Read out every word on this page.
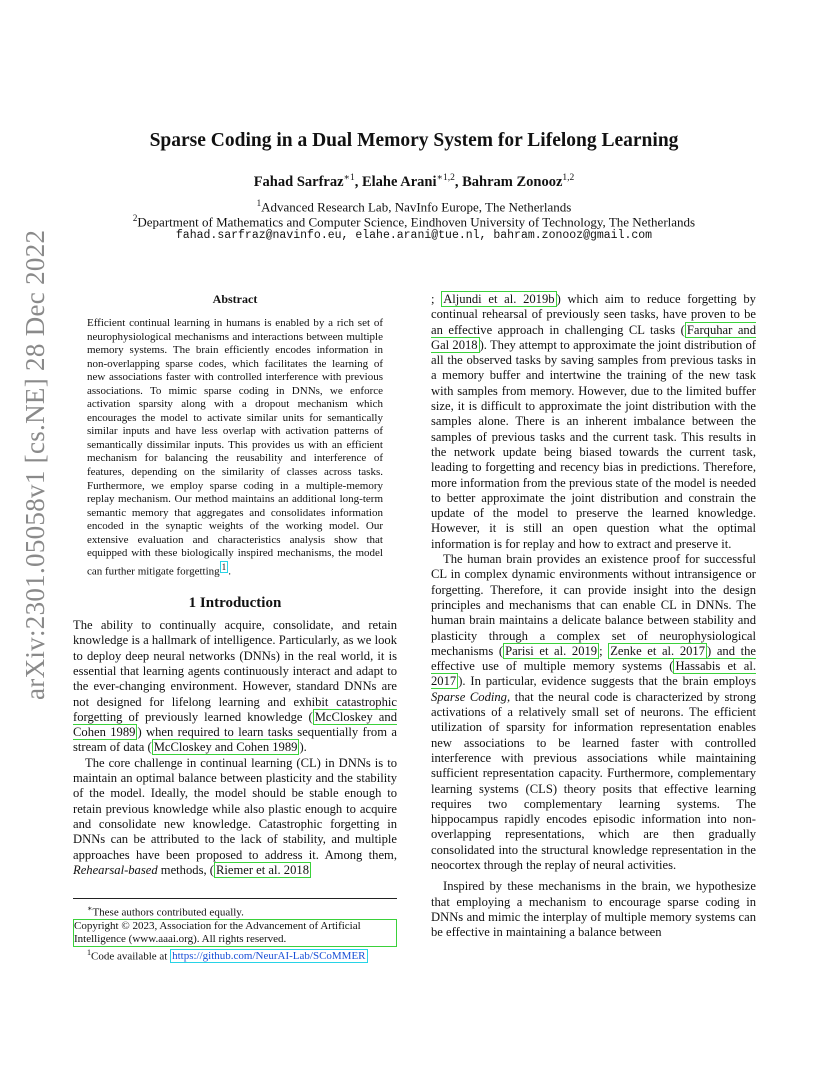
arXiv:2301.05058v1 [cs.NE] 28 Dec 2022
Sparse Coding in a Dual Memory System for Lifelong Learning
Fahad Sarfraz$^{∗1}$, Elahe Arani$^{∗1,2}$, Bahram Zonooz$^{1,2}$
$^1$Advanced Research Lab, NavInfo Europe, The Netherlands
$^2$Department of Mathematics and Computer Science, Eindhoven University of Technology, The Netherlands
fahad.sarfraz@navinfo.eu, elahe.arani@tue.nl, bahram.zonooz@gmail.com
Abstract
Efficient continual learning in humans is enabled by a rich set of neurophysiological mechanisms and interactions between multiple memory systems. The brain efficiently encodes information in non-overlapping sparse codes, which facilitates the learning of new associations faster with controlled interference with previous associations. To mimic sparse coding in DNNs, we enforce activation sparsity along with a dropout mechanism which encourages the model to activate similar units for semantically similar inputs and have less overlap with activation patterns of semantically dissimilar inputs. This provides us with an efficient mechanism for balancing the reusability and interference of features, depending on the similarity of classes across tasks. Furthermore, we employ sparse coding in a multiple-memory replay mechanism. Our method maintains an additional long-term semantic memory that aggregates and consolidates information encoded in the synaptic weights of the working model. Our extensive evaluation and characteristics analysis show that equipped with these biologically inspired mechanisms, the model can further mitigate forgetting $^1$ .
1 Introduction

The ability to continually acquire, consolidate, and retain knowledge is a hallmark of intelligence. Particularly, as we look to deploy deep neural networks (DNNs) in the real world, it is essential that learning agents continuously interact and adapt to the ever-changing environment. However, standard DNNs are not designed for lifelong learning and exhibit catastrophic forgetting of previously learned knowledge ( McCloskey and Cohen 1989 ) when required to learn tasks sequentially from a stream of data ( McCloskey and Cohen 1989 ).

The core challenge in continual learning (CL) in DNNs is to maintain an optimal balance between plasticity and the stability of the model. Ideally, the model should be stable enough to retain previous knowledge while also plastic enough to acquire and consolidate new knowledge. Catastrophic forgetting in DNNs can be attributed to the lack of stability, and multiple approaches have been proposed to address it. Among them, Rehearsal-based methods, ( Riemer et al. 2018

∗These authors contributed equally.
Copyright © 2023, Association for the Advancement of Artificial Intelligence (www.aaai.org). All rights reserved.
$^1$Code available at https://github.com/NeurAI-Lab/SCoMMER

; Aljundi et al. 2019b ) which aim to reduce forgetting by continual rehearsal of previously seen tasks, have proven to be an effective approach in challenging CL tasks ( Farquhar and Gal 2018 ). They attempt to approximate the joint distribution of all the observed tasks by saving samples from previous tasks in a memory buffer and intertwine the training of the new task with samples from memory. However, due to the limited buffer size, it is difficult to approximate the joint distribution with the samples alone. There is an inherent imbalance between the samples of previous tasks and the current task. This results in the network update being biased towards the current task, leading to forgetting and recency bias in predictions. Therefore, more information from the previous state of the model is needed to better approximate the joint distribution and constrain the update of the model to preserve the learned knowledge. However, it is still an open question what the optimal information is for replay and how to extract and preserve it.

The human brain provides an existence proof for successful CL in complex dynamic environments without intransigence or forgetting. Therefore, it can provide insight into the design principles and mechanisms that can enable CL in DNNs. The human brain maintains a delicate balance between stability and plasticity through a complex set of neurophysiological mechanisms ( Parisi et al. 2019 ; Zenke et al. 2017 ) and the effective use of multiple memory systems ( Hassabis et al. 2017 ). In particular, evidence suggests that the brain employs Sparse Coding, that the neural code is characterized by strong activations of a relatively small set of neurons. The efficient utilization of sparsity for information representation enables new associations to be learned faster with controlled interference with previous associations while maintaining sufficient representation capacity. Furthermore, complementary learning systems (CLS) theory posits that effective learning requires two complementary learning systems. The hippocampus rapidly encodes episodic information into non-overlapping representations, which are then gradually consolidated into the structural knowledge representation in the neocortex through the replay of neural activities.

Inspired by these mechanisms in the brain, we hypothesize that employing a mechanism to encourage sparse coding in DNNs and mimic the interplay of multiple memory systems can be effective in maintaining a balance between
